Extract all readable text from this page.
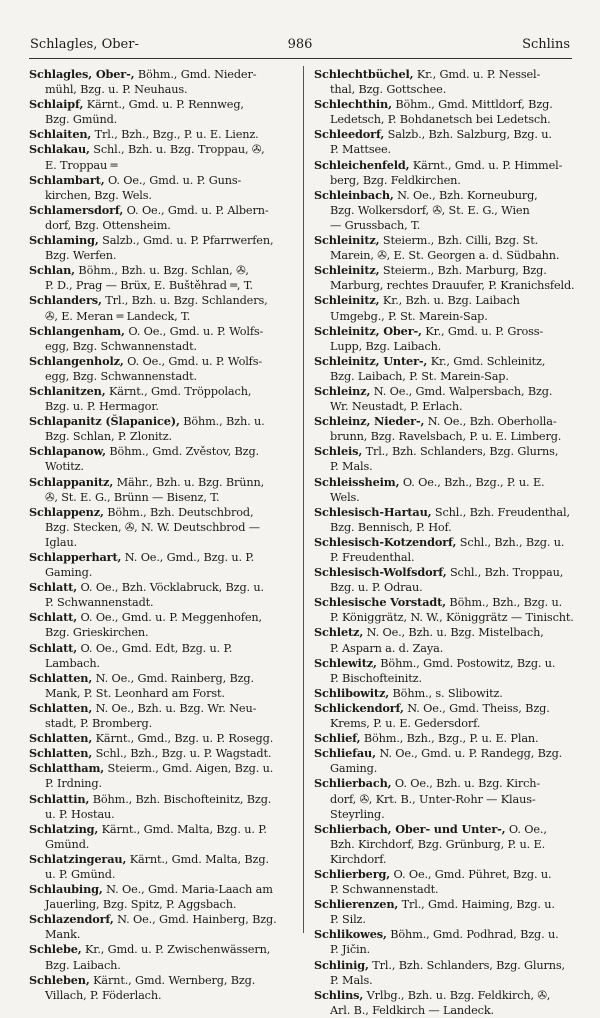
Schlagles, Ober-	986	Schlins
Schlagles, Ober-, Böhm., Gmd. Nieder-
mühl, Bzg. u. P. Neuhaus.
Schlaipf, Kärnt., Gmd. u. P. Rennweg,
Bzg. Gmünd.
Schlaiten, Trl., Bzh., Bzg., P. u. E. Lienz.
Schlakau, Schl., Bzh. u. Bzg. Troppau, ✇,
E. Troppau ═
Schlambart, O. Oe., Gmd. u. P. Guns-
kirchen, Bzg. Wels.
Schlamersdorf, O. Oe., Gmd. u. P. Albern-
dorf, Bzg. Ottensheim.
Schlaming, Salzb., Gmd. u. P. Pfarrwerfen,
Bzg. Werfen.
Schlan, Böhm., Bzh. u. Bzg. Schlan, ✇,
P. D., Prag — Brüx, E. Buštěhrad ═, T.
Schlanders, Trl., Bzh. u. Bzg. Schlanders,
✇, E. Meran ═ Landeck, T.
Schlangenham, O. Oe., Gmd. u. P. Wolfs-
egg, Bzg. Schwannenstadt.
Schlangenholz, O. Oe., Gmd. u. P. Wolfs-
egg, Bzg. Schwannenstadt.
Schlanitzen, Kärnt., Gmd. Tröppolach,
Bzg. u. P. Hermagor.
Schlapanitz (Šlapanice), Böhm., Bzh. u.
Bzg. Schlan, P. Zlonitz.
Schlapanow, Böhm., Gmd. Zvěstov, Bzg.
Wotitz.
Schlappanitz, Mähr., Bzh. u. Bzg. Brünn,
✇, St. E. G., Brünn — Bisenz, T.
Schlappenz, Böhm., Bzh. Deutschbrod,
Bzg. Stecken, ✇, N. W. Deutschbrod —
Iglau.
Schlapperhart, N. Oe., Gmd., Bzg. u. P.
Gaming.
Schlatt, O. Oe., Bzh. Vöcklabruck, Bzg. u.
P. Schwannenstadt.
Schlatt, O. Oe., Gmd. u. P. Meggenhofen,
Bzg. Grieskirchen.
Schlatt, O. Oe., Gmd. Edt, Bzg. u. P.
Lambach.
Schlatten, N. Oe., Gmd. Rainberg, Bzg.
Mank, P. St. Leonhard am Forst.
Schlatten, N. Oe., Bzh. u. Bzg. Wr. Neu-
stadt, P. Bromberg.
Schlatten, Kärnt., Gmd., Bzg. u. P. Rosegg.
Schlatten, Schl., Bzh., Bzg. u. P. Wagstadt.
Schlattham, Steierm., Gmd. Aigen, Bzg. u.
P. Irdning.
Schlattin, Böhm., Bzh. Bischofteinitz, Bzg.
u. P. Hostau.
Schlatzing, Kärnt., Gmd. Malta, Bzg. u. P.
Gmünd.
Schlatzingerau, Kärnt., Gmd. Malta, Bzg.
u. P. Gmünd.
Schlaubing, N. Oe., Gmd. Maria-Laach am
Jauerling, Bzg. Spitz, P. Aggsbach.
Schlazendorf, N. Oe., Gmd. Hainberg, Bzg.
Mank.
Schlebe, Kr., Gmd. u. P. Zwischenwässern,
Bzg. Laibach.
Schleben, Kärnt., Gmd. Wernberg, Bzg.
Villach, P. Föderlach.
Schlechtbüchel, Kr., Gmd. u. P. Nessel-
thal, Bzg. Gottschee.
Schlechthin, Böhm., Gmd. Mittldorf, Bzg.
Ledetsch, P. Bohdanetsch bei Ledetsch.
Schleedorf, Salzb., Bzh. Salzburg, Bzg. u.
P. Mattsee.
Schleichenfeld, Kärnt., Gmd. u. P. Himmel-
berg, Bzg. Feldkirchen.
Schleinbach, N. Oe., Bzh. Korneuburg,
Bzg. Wolkersdorf, ✇, St. E. G., Wien
— Grussbach, T.
Schleinitz, Steierm., Bzh. Cilli, Bzg. St.
Marein, ✇, E. St. Georgen a. d. Südbahn.
Schleinitz, Steierm., Bzh. Marburg, Bzg.
Marburg, rechtes Drauufer, P. Kranichsfeld.
Schleinitz, Kr., Bzh. u. Bzg. Laibach
Umgebg., P. St. Marein-Sap.
Schleinitz, Ober-, Kr., Gmd. u. P. Gross-
Lupp, Bzg. Laibach.
Schleinitz, Unter-, Kr., Gmd. Schleinitz,
Bzg. Laibach, P. St. Marein-Sap.
Schleinz, N. Oe., Gmd. Walpersbach, Bzg.
Wr. Neustadt, P. Erlach.
Schleinz, Nieder-, N. Oe., Bzh. Oberholla-
brunn, Bzg. Ravelsbach, P. u. E. Limberg.
Schleis, Trl., Bzh. Schlanders, Bzg. Glurns,
P. Mals.
Schleissheim, O. Oe., Bzh., Bzg., P. u. E.
Wels.
Schlesisch-Hartau, Schl., Bzh. Freudenthal,
Bzg. Bennisch, P. Hof.
Schlesisch-Kotzendorf, Schl., Bzh., Bzg. u.
P. Freudenthal.
Schlesisch-Wolfsdorf, Schl., Bzh. Troppau,
Bzg. u. P. Odrau.
Schlesische Vorstadt, Böhm., Bzh., Bzg. u.
P. Königgrätz, N. W., Königgrätz — Tinischt.
Schletz, N. Oe., Bzh. u. Bzg. Mistelbach,
P. Asparn a. d. Zaya.
Schlewitz, Böhm., Gmd. Postowitz, Bzg. u.
P. Bischofteinitz.
Schlibowitz, Böhm., s. Slibowitz.
Schlickendorf, N. Oe., Gmd. Theiss, Bzg.
Krems, P. u. E. Gedersdorf.
Schlief, Böhm., Bzh., Bzg., P. u. E. Plan.
Schliefau, N. Oe., Gmd. u. P. Randegg, Bzg.
Gaming.
Schlierbach, O. Oe., Bzh. u. Bzg. Kirch-
dorf, ✇, Krt. B., Unter-Rohr — Klaus-
Steyrling.
Schlierbach, Ober- und Unter-, O. Oe.,
Bzh. Kirchdorf, Bzg. Grünburg, P. u. E.
Kirchdorf.
Schlierberg, O. Oe., Gmd. Pühret, Bzg. u.
P. Schwannenstadt.
Schlierenzen, Trl., Gmd. Haiming, Bzg. u.
P. Silz.
Schlikowes, Böhm., Gmd. Podhrad, Bzg. u.
P. Jičin.
Schlinig, Trl., Bzh. Schlanders, Bzg. Glurns,
P. Mals.
Schlins, Vrlbg., Bzh. u. Bzg. Feldkirch, ✇,
Arl. B., Feldkirch — Landeck.
